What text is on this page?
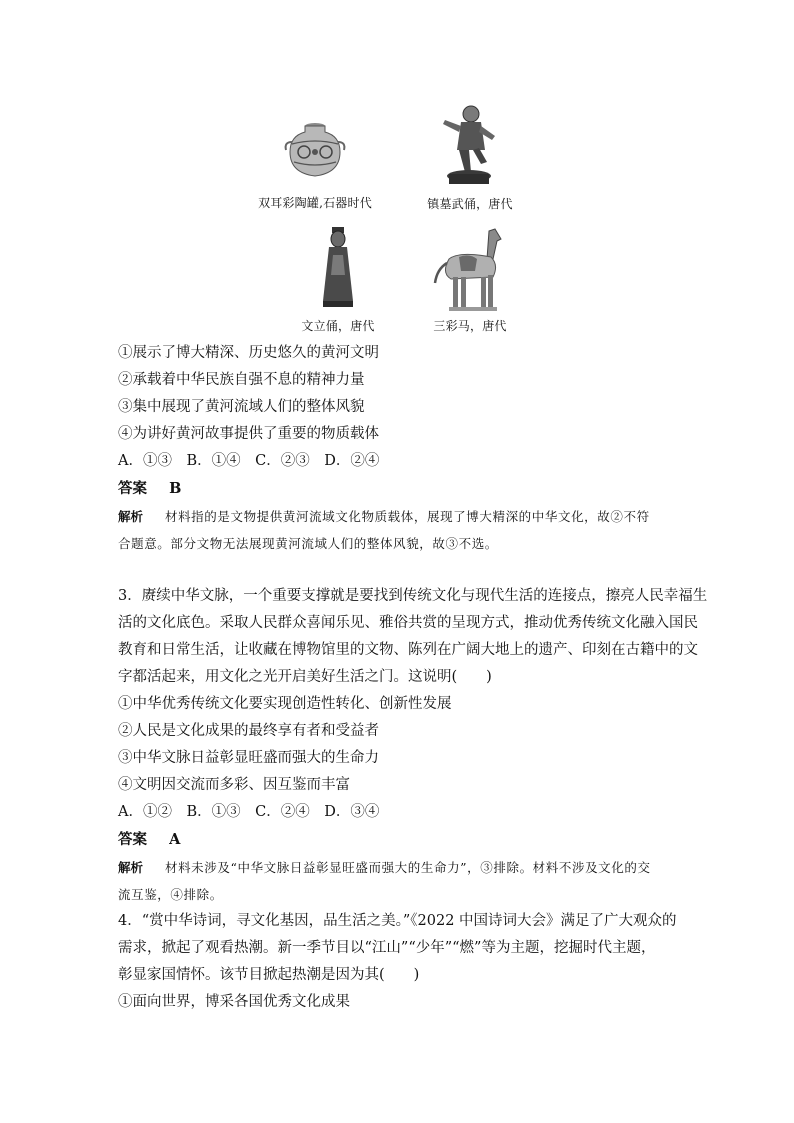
双耳彩陶罐,石器时代	镇墓武俑，唐代
文立俑，唐代	三彩马，唐代
①展示了博大精深、历史悠久的黄河文明
②承载着中华民族自强不息的精神力量
③集中展现了黄河流域人们的整体风貌
④为讲好黄河故事提供了重要的物质载体
A．①③　B．①④　C．②③　D．②④
答案 B
解析 材料指的是文物提供黄河流域文化物质载体，展现了博大精深的中华文化，故②不符
合题意。部分文物无法展现黄河流域人们的整体风貌，故③不选。
3．赓续中华文脉，一个重要支撑就是要找到传统文化与现代生活的连接点，擦亮人民幸福生
活的文化底色。采取人民群众喜闻乐见、雅俗共赏的呈现方式，推动优秀传统文化融入国民
教育和日常生活，让收藏在博物馆里的文物、陈列在广阔大地上的遗产、印刻在古籍中的文
字都活起来，用文化之光开启美好生活之门。这说明(　　)
①中华优秀传统文化要实现创造性转化、创新性发展
②人民是文化成果的最终享有者和受益者
③中华文脉日益彰显旺盛而强大的生命力
④文明因交流而多彩、因互鉴而丰富
A．①②　B．①③　C．②④　D．③④
答案 A
解析 材料未涉及“中华文脉日益彰显旺盛而强大的生命力”，③排除。材料不涉及文化的交
流互鉴，④排除。
4．“赏中华诗词，寻文化基因，品生活之美。”《2022 中国诗词大会》满足了广大观众的
需求，掀起了观看热潮。新一季节目以“江山”“少年”“燃”等为主题，挖掘时代主题，
彰显家国情怀。该节目掀起热潮是因为其(　　)
①面向世界，博采各国优秀文化成果
